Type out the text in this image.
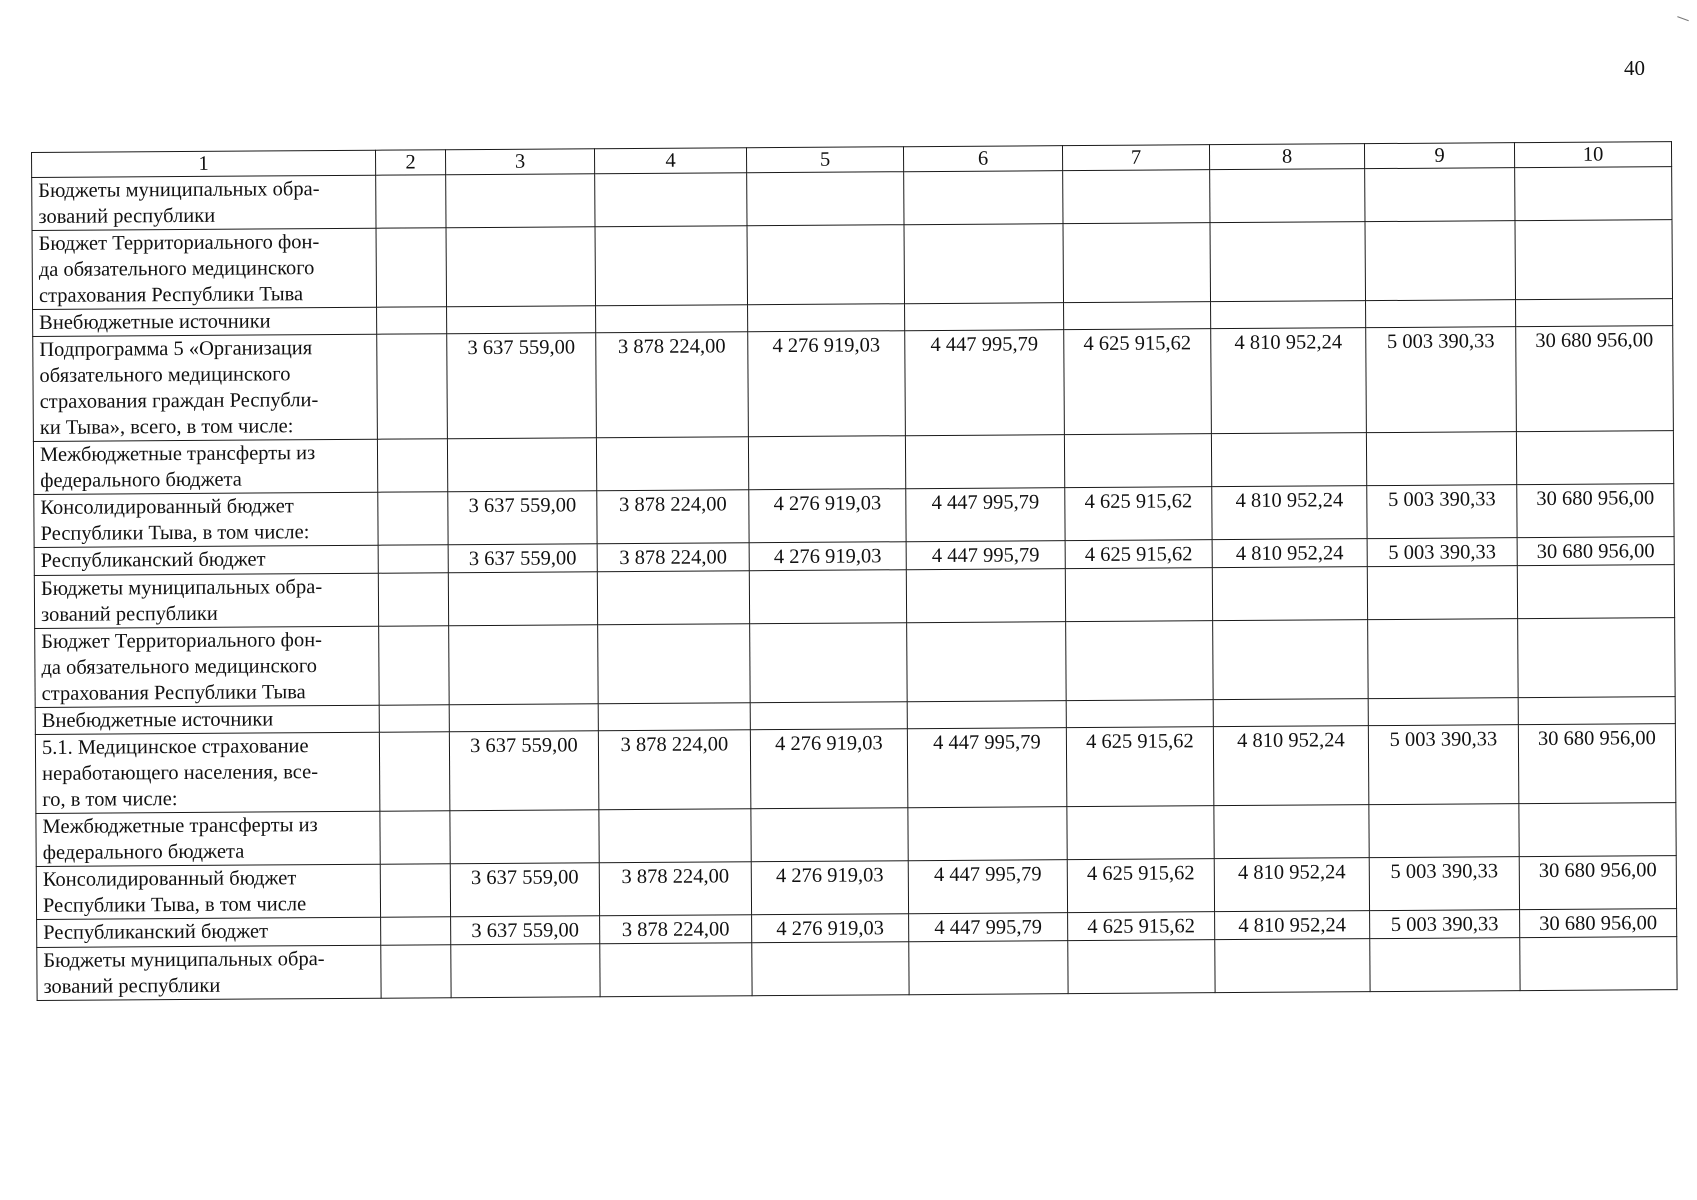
40
1	2	3	4	5	6	7	8	9	10

Бюджеты муниципальных обра-
зований республики									

Бюджет Территориального фон-
да обязательного медицинского
страхования Республики Тыва									

Внебюджетные источники									

Подпрограмма 5 «Организация
обязательного медицинского
страхования граждан Республи-
ки Тыва», всего, в том числе:		3 637 559,00	3 878 224,00	4 276 919,03	4 447 995,79	4 625 915,62	4 810 952,24	5 003 390,33	30 680 956,00

Межбюджетные трансферты из
федерального бюджета									

Консолидированный бюджет
Республики Тыва, в том числе:		3 637 559,00	3 878 224,00	4 276 919,03	4 447 995,79	4 625 915,62	4 810 952,24	5 003 390,33	30 680 956,00

Республиканский бюджет		3 637 559,00	3 878 224,00	4 276 919,03	4 447 995,79	4 625 915,62	4 810 952,24	5 003 390,33	30 680 956,00

Бюджеты муниципальных обра-
зований республики									

Бюджет Территориального фон-
да обязательного медицинского
страхования Республики Тыва									

Внебюджетные источники									

5.1. Медицинское страхование
неработающего населения, все-
го, в том числе:		3 637 559,00	3 878 224,00	4 276 919,03	4 447 995,79	4 625 915,62	4 810 952,24	5 003 390,33	30 680 956,00

Межбюджетные трансферты из
федерального бюджета									

Консолидированный бюджет
Республики Тыва, в том числе		3 637 559,00	3 878 224,00	4 276 919,03	4 447 995,79	4 625 915,62	4 810 952,24	5 003 390,33	30 680 956,00

Республиканский бюджет		3 637 559,00	3 878 224,00	4 276 919,03	4 447 995,79	4 625 915,62	4 810 952,24	5 003 390,33	30 680 956,00

Бюджеты муниципальных обра-
зований республики									
